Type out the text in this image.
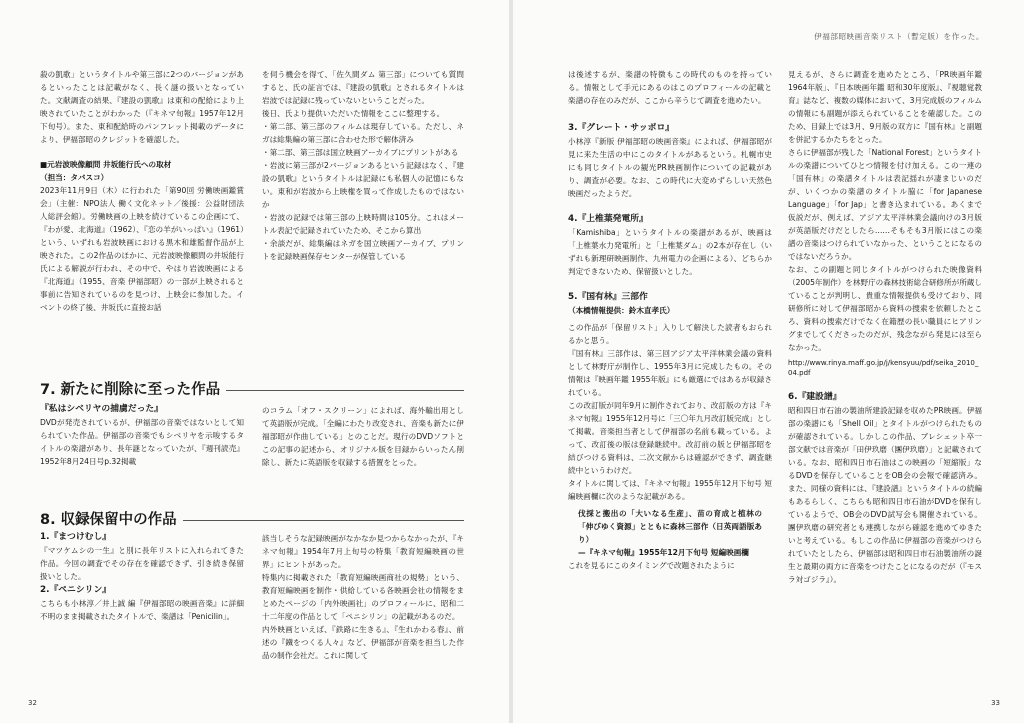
殺の凱歌」というタイトルや第三部に2つのバージョンがあるといったことは記載がなく、長く謎の扱いとなっていた。文献調査の結果、『建設の凱歌』は東和の配給により上映されていたことがわかった（『キネマ旬報』1957年12月下旬号）。また、東和配給時のパンフレット掲載のデータにより、伊福部昭のクレジットを確認した。

■元岩波映像顧問 井坂能行氏への取材

（担当：タバスコ）

2023年11月9日（木）に行われた「第90回 労働映画鑑賞会」（主催：NPO法人 働く文化ネット／後援：公益財団法人総評会館）。労働映画の上映を続けているこの企画にて、『わが愛、北海道』（1962）、『恋の羊がいっぱい』（1961）という、いずれも岩波映画における黒木和雄監督作品が上映された。この2作品のほかに、元岩波映像顧問の井坂能行氏による解説が行われ、その中で、やはり岩波映画による『北海道』（1955、音楽 伊福部昭）の一部が上映されると事前に告知されているのを見つけ、上映会に参加した。イベントの終了後、井坂氏に直接お話

を伺う機会を得て、「佐久間ダム 第三部」についても質問すると、氏の証言では、『建設の凱歌』とされるタイトルは岩波では記録に残っていないということだった。

後日、氏より提供いただいた情報をここに整理する。

・第二部、第三部のフィルムは現存している。ただし、ネガは総集編の第三部に合わせた形で解体済み

・第二部、第三部は国立映画アーカイブにプリントがある

・岩波に第三部が2バージョンあるという記録はなく、『建設の凱歌』というタイトルは記録にも私個人の記憶にもない。東和が岩波から上映権を買って作成したものではないか

・岩波の記録では第三部の上映時間は105分。これはメートル表記で記録されていたため、そこから算出

・余談だが、総集編はネガを国立映画アーカイブ、プリントを記録映画保存センターが保管している

7. 新たに削除に至った作品

『私はシベリヤの捕虜だった』

DVDが発売されているが、伊福部の音楽ではないとして知られていた作品。伊福部の音楽でもシベリヤを示唆するタイトルの楽譜があり、長年謎となっていたが、『週刊読売』1952年8月24日号p.32掲載

のコラム「オフ・スクリーン」によれば、海外輸出用として英語版が完成。「全編にわたり改変され、音楽も新たに伊福部昭が作曲している」とのことだ。現行のDVDソフトとこの記事の記述から、オリジナル版を目録からいったん削除し、新たに英語版を収録する措置をとった。

8. 収録保留中の作品

1.『まつけむし』

『マツケムシの一生』と別に長年リストに入れられてきた作品。今回の調査でその存在を確認できず、引き続き保留扱いとした。

2.『ペニシリン』

こちらも小林淳／井上誠 編『伊福部昭の映画音楽』に詳細不明のまま掲載されたタイトルで、楽譜は「Penicilin」。

該当しそうな記録映画がなかなか見つからなかったが、『キネマ旬報』1954年7月上旬号の特集「教育短編映画の世界」にヒントがあった。

特集内に掲載された「教育短編映画商社の規勢」という、教育短編映画を制作・供給している各映画会社の情報をまとめたページの「内外映画社」のプロフィールに、昭和二十二年度の作品として「ペニシリン」の記載があるのだ。

内外映画といえば、『鉄路に生きる』、『生れかわる春』、前述の『鐵をつくる人々』など、伊福部が音楽を担当した作品の制作会社だ。これに関して

32
伊福部昭映画音楽リスト（暫定版）を作った。

は後述するが、楽譜の特徴もこの時代のものを持っている。情報として手元にあるのはこのプロフィールの記載と楽譜の存在のみだが、ここから辛うじて調査を進めたい。

3.『グレート・サッポロ』

小林淳『新版 伊福部昭の映画音楽』によれば、伊福部昭が見に来た生活の中にこのタイトルがあるという。札幌市史にも同じタイトルの観光PR映画制作についての記載があり、調査が必要。なお、この時代に大変めずらしい天然色映画だったようだ。

4.『上椎葉発電所』

「Kamishiba」というタイトルの楽譜があるが、映画は「上椎葉水力発電所」と「上椎葉ダム」の2本が存在し（いずれも新理研映画制作、九州電力の企画による）、どちらか判定できないため、保留扱いとした。

5.『国有林』三部作

（本橋情報提供：鈴木直孝氏）

この作品が「保留リスト」入りして解決した読者もおられるかと思う。

『国有林』三部作は、第三回アジア太平洋林業会議の資料として林野庁が制作し、1955年3月に完成したもの。その情報は『映画年鑑 1955年版』にも厳選にではあるが収録されている。

この改訂版が同年9月に制作されており、改訂版の方は『キネマ旬報』1955年12月号に「三〇年九月改訂版完成」として掲載。音楽担当者として伊福部の名前も載っている。よって、改訂後の版は登録継続中。改訂前の版と伊福部昭を結びつける資料は、二次文献からは確認ができず、調査継続中というわけだ。

タイトルに関しては、『キネマ旬報』1955年12月下旬号 短編映画欄に次のような記載がある。

伐採と搬出の「大いなる生産」、苗の育成と植林の「伸びゆく資源」とともに森林三部作（日英両語版あり）

—『キネマ旬報』1955年12月下旬号 短編映画欄

これを見るにこのタイミングで改題されたように

見えるが、さらに調査を進めたところ、「PR映画年鑑 1964年版」、『日本映画年鑑 昭和30年度版』、『視聴覚教育』誌など、複数の媒体において、3月完成版のフィルムの情報にも副題が添えられていることを確認した。このため、目録上では3月、9月版の双方に『国有林』と副題を併記するかたちをとった。

さらに伊福部が残した「National Forest」というタイトルの楽譜についてひとつ情報を付け加える。この一連の「国有林」の楽譜タイトルは表記揺れが凄まじいのだが、いくつかの楽譜のタイトル脇に「for Japanese Language」「for Jap」と書き込まれている。あくまで仮説だが、例えば、アジア太平洋林業会議向けの3月版が英語版だけだとしたら……そもそも3月版にはこの楽譜の音楽はつけられていなかった、ということになるのではないだろうか。

なお、この副題と同じタイトルがつけられた映像資料（2005年制作）を林野庁の森林技術総合研修所が所蔵していることが判明し、貴重な情報提供も受けており、同研修所に対して伊福部昭から資料の捜索を依頼したところ、資料の捜索だけでなく在籍歴の長い職員にヒアリングまでしてくださったのだが、残念ながら発見には至らなかった。

http://www.rinya.maff.go.jp/j/kensyuu/pdf/seika_2010_04.pdf

6.『建設譜』

昭和四日市石油の製油所建設記録を収めたPR映画。伊福部の楽譜にも「Shell Oil」とタイトルがつけられたものが確認されている。しかしこの作品、ブレシェット卒一部文献では音楽が「田伊玖磨（團伊玖磨）」と記載されている。なお、昭和四日市石油はこの映画の「短縮版」なるDVDを保存していることをOB会の会報で確認済み。また、同様の資料には、『建設譜』というタイトルの続編もあるらしく、こちらも昭和四日市石油がDVDを保有しているようで、OB会のDVD試写会も開催されている。團伊玖磨の研究者とも連携しながら確認を進めてゆきたいと考えている。もしこの作品に伊福部の音楽がつけられていたとしたら、伊福部は昭和四日市石油製油所の誕生と最期の両方に音楽をつけたことになるのだが（『モスラ対ゴジラ』）。

33
